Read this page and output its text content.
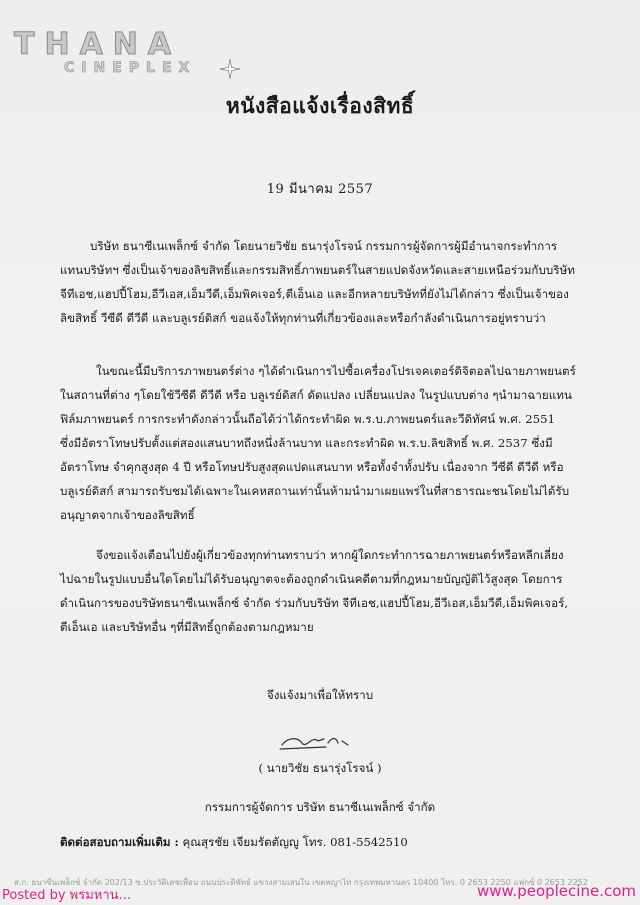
THANA
CINEPLEX
หนังสือแจ้งเรื่องสิทธิ์
19 มีนาคม 2557
บริษัท ธนาซีเนเพล็กซ์ จำกัด โดยนายวิชัย ธนารุ่งโรจน์ กรรมการผู้จัดการผู้มีอำนาจกระทำการ
แทนบริษัทฯ ซึ่งเป็นเจ้าของลิขสิทธิ์และกรรมสิทธิ์ภาพยนตร์ในสายแปดจังหวัดและสายเหนือร่วมกับบริษัท
จีทีเอช,แฮปปี้โฮม,อีวีเอส,เอ็มวีดี,เอ็มพิคเจอร์,ตีเอ็นเอ และอีกหลายบริษัทที่ยังไม่ได้กล่าว ซึ่งเป็นเจ้าของ
ลิขสิทธิ์ วีซีดี ดีวีดี และบลูเรย์ดิสก์ ขอแจ้งให้ทุกท่านที่เกี่ยวข้องและหรือกำลังดำเนินการอยู่ทราบว่า
ในขณะนี้มีบริการภาพยนตร์ต่าง ๆได้ดำเนินการไปซื้อเครื่องโปรเจคเตอร์ดิจิตอลไปฉายภาพยนตร์
ในสถานที่ต่าง ๆโดยใช้วีซีดี ดีวีดี หรือ บลูเรย์ดิสก์ ดัดแปลง เปลี่ยนแปลง ในรูปแบบต่าง ๆนำมาฉายแทน
ฟิล์มภาพยนตร์ การกระทำดังกล่าวนั้นถือได้ว่าได้กระทำผิด พ.ร.บ.ภาพยนตร์และวีดิทัศน์ พ.ศ. 2551
ซึ่งมีอัตราโทษปรับตั้งแต่สองแสนบาทถึงหนึ่งล้านบาท และกระทำผิด พ.ร.บ.ลิขสิทธิ์ พ.ศ. 2537 ซึ่งมี
อัตราโทษ จำคุกสูงสุด 4 ปี หรือโทษปรับสูงสุดแปดแสนบาท หรือทั้งจำทั้งปรับ เนื่องจาก วีซีดี ดีวีดี หรือ
บลูเรย์ดิสก์ สามารถรับชมได้เฉพาะในเคหสถานเท่านั้นห้ามนำมาเผยแพร่ในที่สาธารณะชนโดยไม่ได้รับ
อนุญาตจากเจ้าของลิขสิทธิ์
จึงขอแจ้งเตือนไปยังผู้เกี่ยวข้องทุกท่านทราบว่า หากผู้ใดกระทำการฉายภาพยนตร์หรือหลีกเลี่ยง
ไปฉายในรูปแบบอื่นใดโดยไม่ได้รับอนุญาตจะต้องถูกดำเนินคดีตามที่กฎหมายบัญญัติไว้สูงสุด โดยการ
ดำเนินการของบริษัทธนาซีเนเพล็กซ์ จำกัด ร่วมกับบริษัท จีทีเอช,แฮปปี้โฮม,อีวีเอส,เอ็มวีดี,เอ็มพิคเจอร์,
ตีเอ็นเอ และบริษัทอื่น ๆที่มีสิทธิ์ถูกต้องตามกฎหมาย
จึงแจ้งมาเพื่อให้ทราบ
( นายวิชัย ธนารุ่งโรจน์ )
กรรมการผู้จัดการ บริษัท ธนาซีเนเพล็กซ์ จำกัด
ติดต่อสอบถามเพิ่มเติม : คุณสุรชัย เจียมรัตตัญญู โทร. 081-5542510
ส.ก. ธนาซีนเพล็กซ์ จำกัด 202/13 ซ.ประวัติเดชเพื่อน ถนนประดิพัทธ์ แขวงสามเสนใน เขตพญาไท กรุงเทพมหานคร 10400 โทร. 0 2653 2250 แฟกซ์ 0 2653 2252
Posted by พรมหาน...	www.peoplecine.com
